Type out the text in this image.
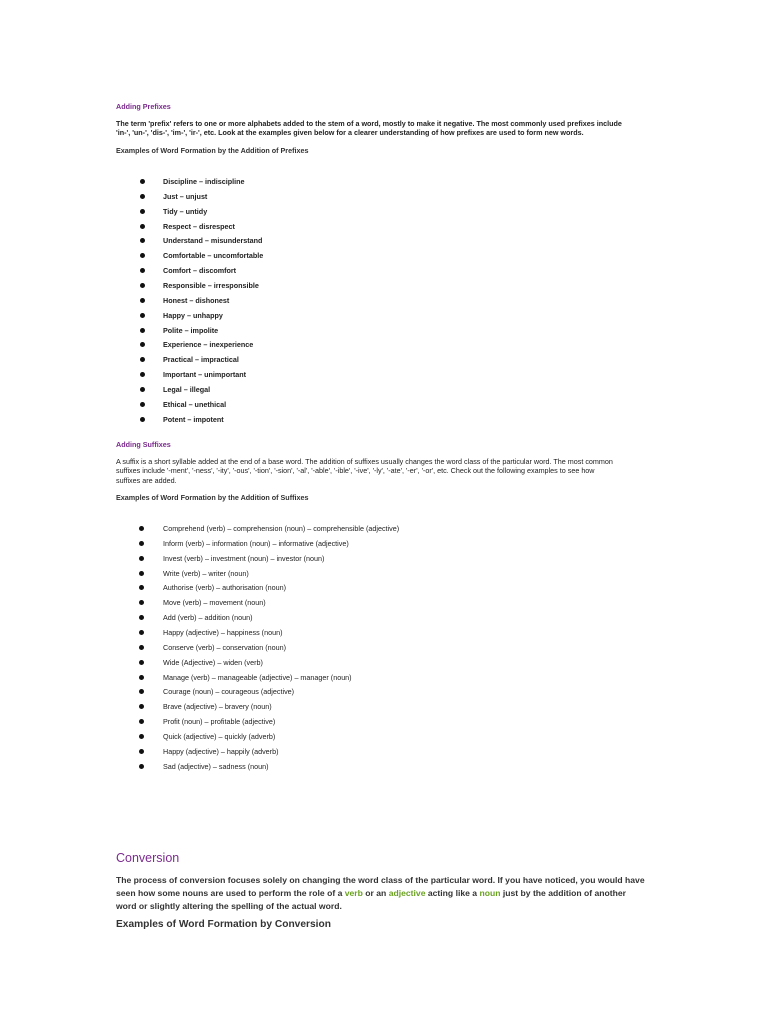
Adding Prefixes
The term 'prefix' refers to one or more alphabets added to the stem of a word, mostly to make it negative. The most commonly used prefixes include
'in-', 'un-', 'dis-', 'im-', 'ir-', etc. Look at the examples given below for a clearer understanding of how prefixes are used to form new words.
Examples of Word Formation by the Addition of Prefixes
Discipline – indiscipline
Just – unjust
Tidy – untidy
Respect – disrespect
Understand – misunderstand
Comfortable – uncomfortable
Comfort – discomfort
Responsible – irresponsible
Honest – dishonest
Happy – unhappy
Polite – impolite
Experience – inexperience
Practical – impractical
Important – unimportant
Legal – illegal
Ethical – unethical
Potent – impotent
Adding Suffixes
A suffix is a short syllable added at the end of a base word. The addition of suffixes usually changes the word class of the particular word. The most common
suffixes include '-ment', '-ness', '-ity', '-ous', '-tion', '-sion', '-al', '-able', '-ible', '-ive', '-ly', '-ate', '-er', '-or', etc. Check out the following examples to see how
suffixes are added.
Examples of Word Formation by the Addition of Suffixes
Comprehend (verb) – comprehension (noun) – comprehensible (adjective)
Inform (verb) – information (noun) – informative (adjective)
Invest (verb) – investment (noun) – investor (noun)
Write (verb) – writer (noun)
Authorise (verb) – authorisation (noun)
Move (verb) – movement (noun)
Add (verb) – addition (noun)
Happy (adjective) – happiness (noun)
Conserve (verb) – conservation (noun)
Wide (Adjective) – widen (verb)
Manage (verb) – manageable (adjective) – manager (noun)
Courage (noun) – courageous (adjective)
Brave (adjective) – bravery (noun)
Profit (noun) – profitable (adjective)
Quick (adjective) – quickly (adverb)
Happy (adjective) – happily (adverb)
Sad (adjective) – sadness (noun)
Conversion
The process of conversion focuses solely on changing the word class of the particular word. If you have noticed, you would have
seen how some nouns are used to perform the role of a verb or an adjective acting like a noun just by the addition of another
word or slightly altering the spelling of the actual word.
Examples of Word Formation by Conversion
